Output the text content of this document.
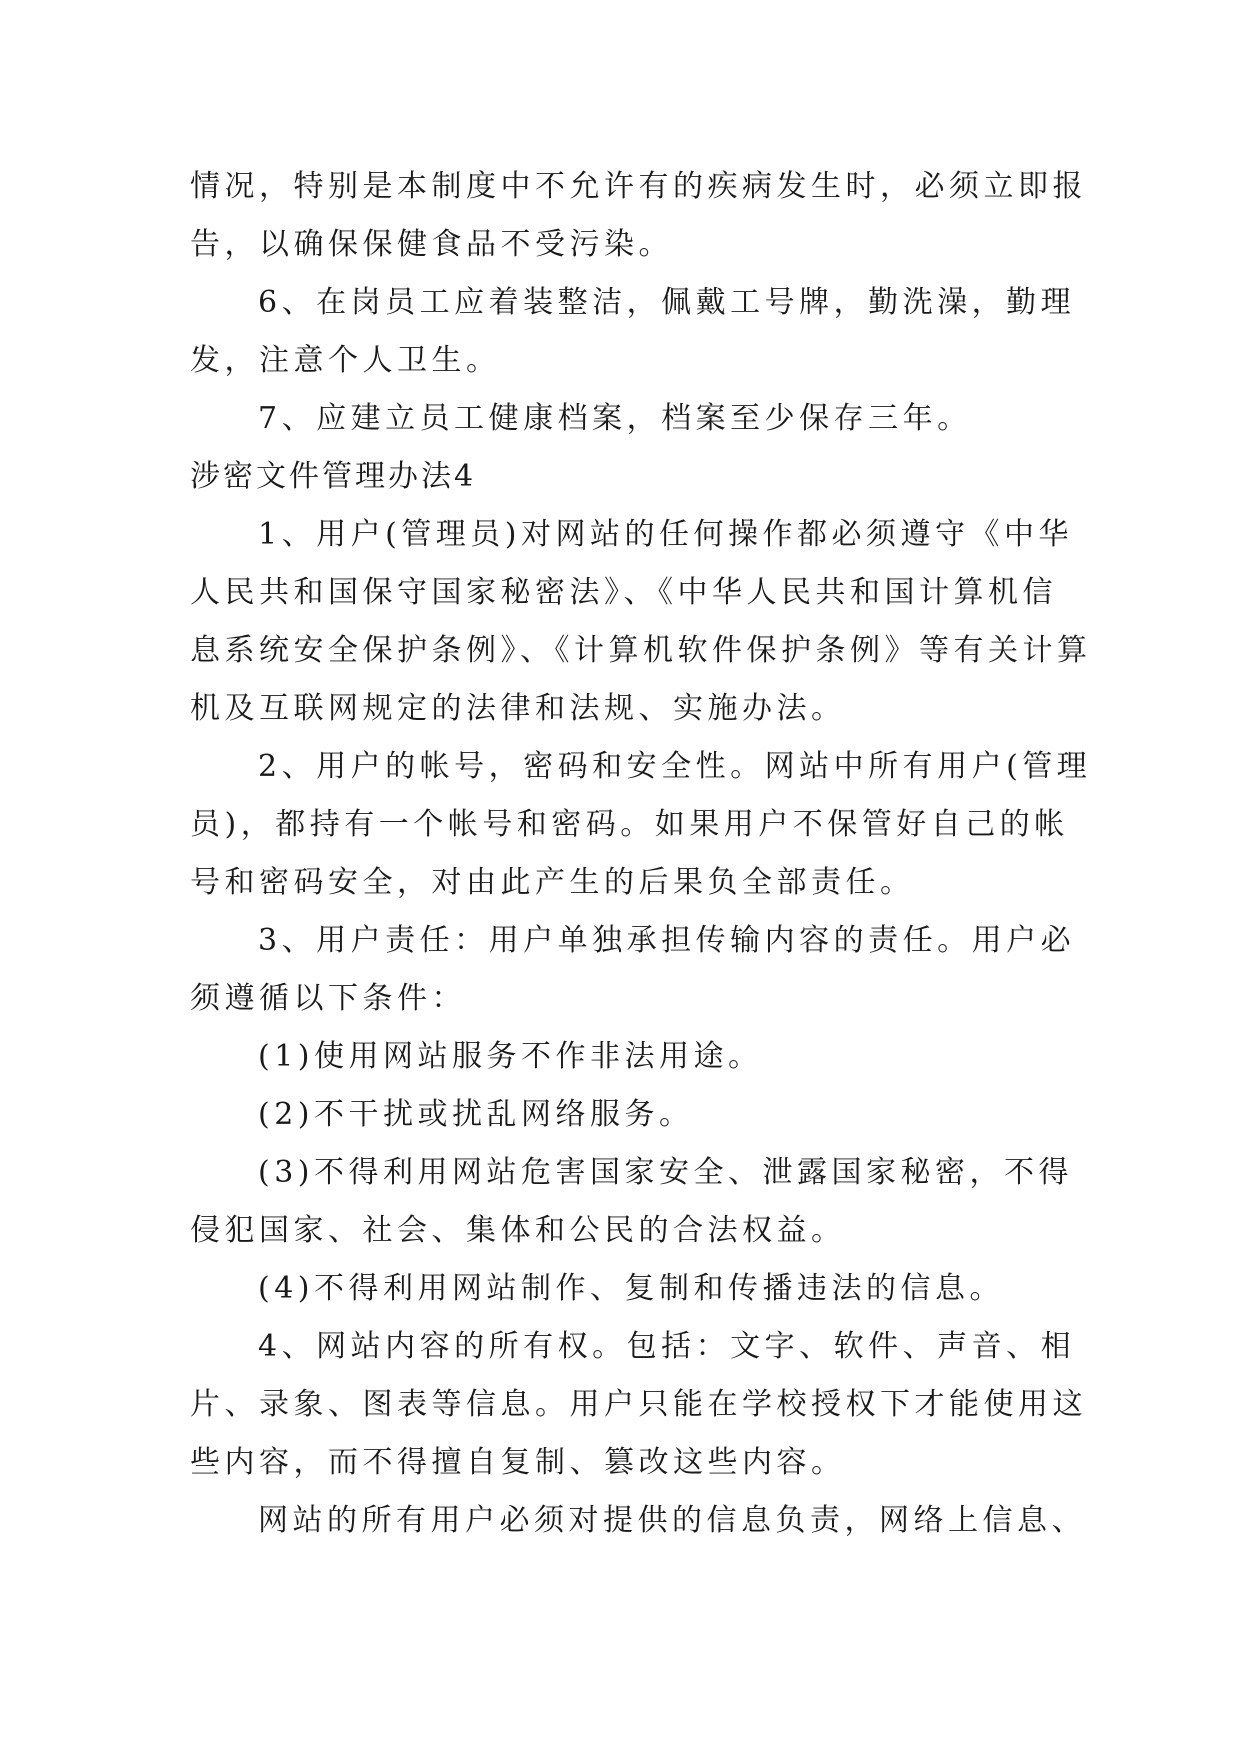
情况，特别是本制度中不允许有的疾病发生时，必须立即报
告，以确保保健食品不受污染。
6、在岗员工应着装整洁，佩戴工号牌，勤洗澡，勤理
发，注意个人卫生。
7、应建立员工健康档案，档案至少保存三年。
涉密文件管理办法4
1、用户(管理员)对网站的任何操作都必须遵守《中华
人民共和国保守国家秘密法》、《中华人民共和国计算机信
息系统安全保护条例》、《计算机软件保护条例》等有关计算
机及互联网规定的法律和法规、实施办法。
2、用户的帐号，密码和安全性。网站中所有用户(管理
员)，都持有一个帐号和密码。如果用户不保管好自己的帐
号和密码安全，对由此产生的后果负全部责任。
3、用户责任：用户单独承担传输内容的责任。用户必
须遵循以下条件：
(1)使用网站服务不作非法用途。
(2)不干扰或扰乱网络服务。
(3)不得利用网站危害国家安全、泄露国家秘密，不得
侵犯国家、社会、集体和公民的合法权益。
(4)不得利用网站制作、复制和传播违法的信息。
4、网站内容的所有权。包括：文字、软件、声音、相
片、录象、图表等信息。用户只能在学校授权下才能使用这
些内容，而不得擅自复制、篡改这些内容。
网站的所有用户必须对提供的信息负责，网络上信息、
